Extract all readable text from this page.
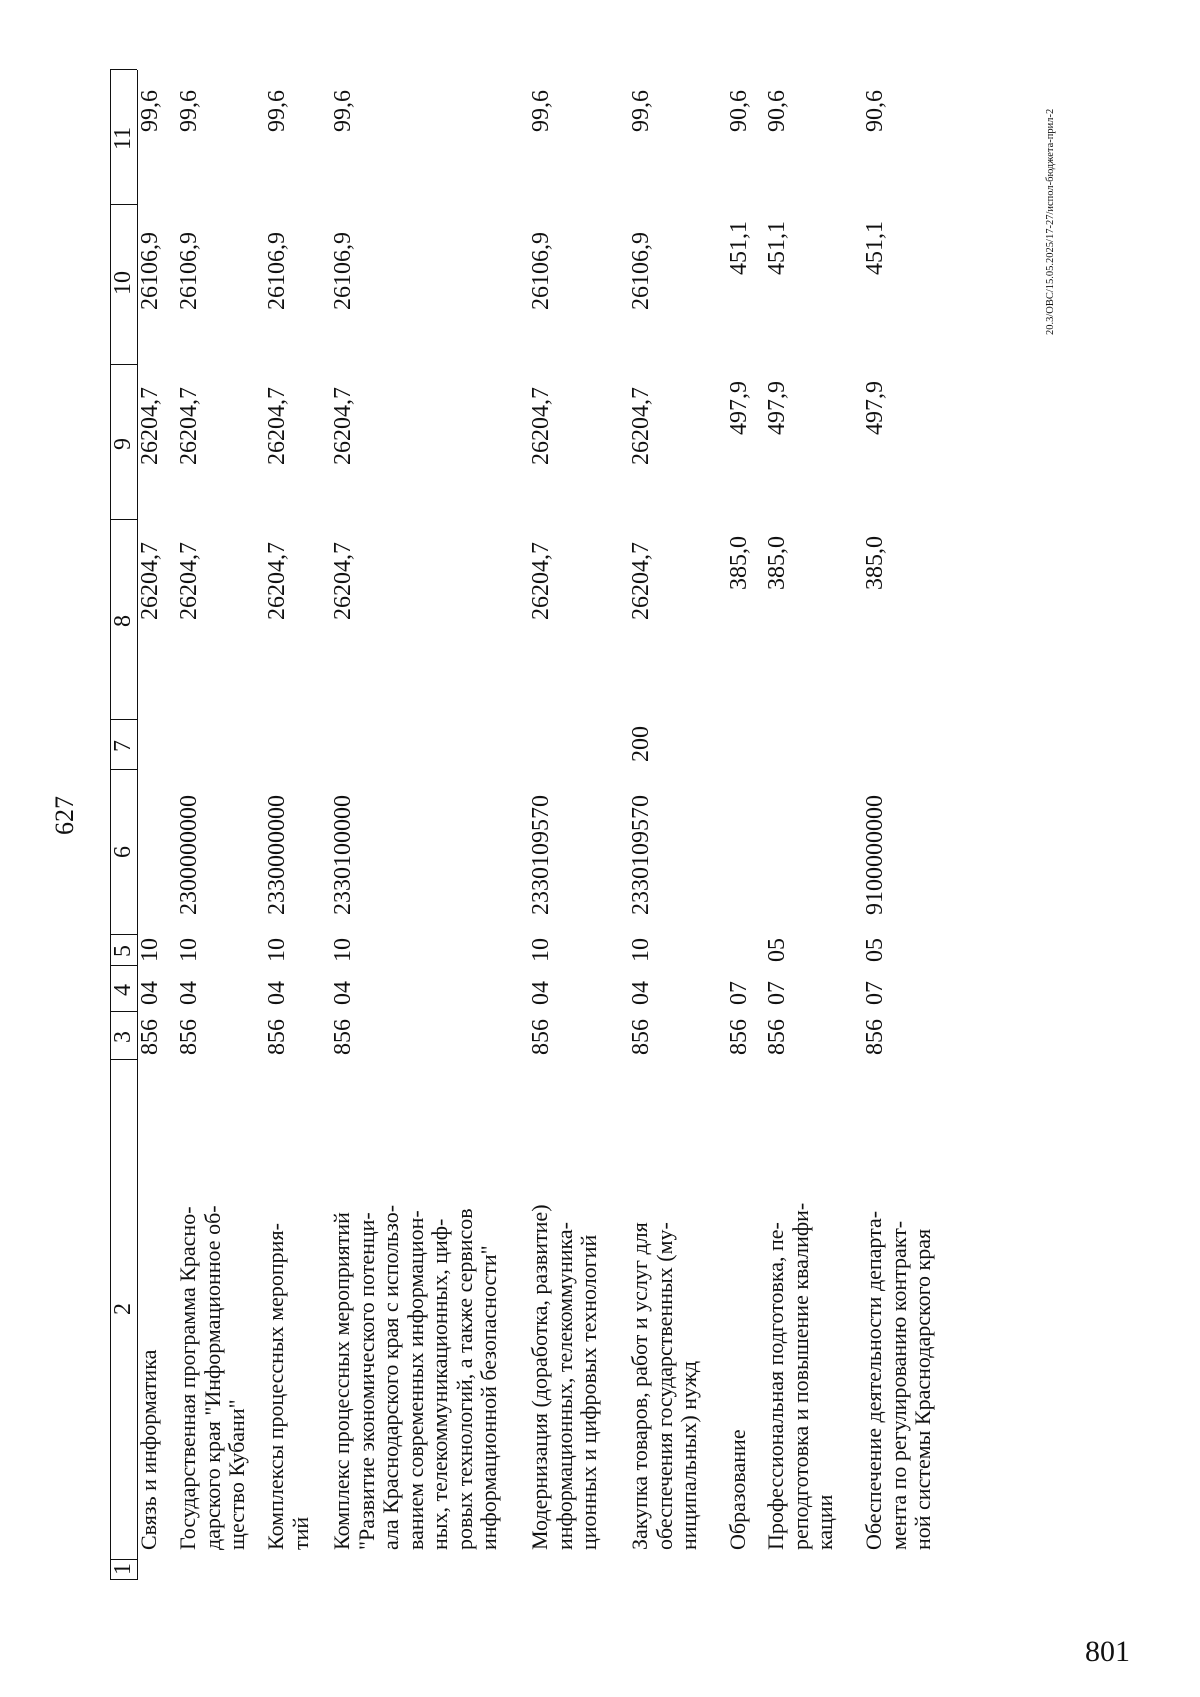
627
1
2
3
4
5
6
7
8
9
10
11
Связь и информатика
856
04
10
26204,7
26204,7
26106,9
99,6
Государственная программа Красно- дарского края "Информационное об- щество Кубани"
856
04
10
2300000000
26204,7
26204,7
26106,9
99,6
Комплексы процессных мероприя- тий
856
04
10
2330000000
26204,7
26204,7
26106,9
99,6
Комплекс процессных мероприятий "Развитие экономического потенци- ала Краснодарского края с использо- ванием современных информацион- ных, телекоммуникационных, циф- ровых технологий, а также сервисов информационной безопасности"
856
04
10
2330100000
26204,7
26204,7
26106,9
99,6
Модернизация (доработка, развитие) информационных, телекоммуника- ционных и цифровых технологий
856
04
10
2330109570
26204,7
26204,7
26106,9
99,6
Закупка товаров, работ и услуг для обеспечения государственных (му- ниципальных) нужд
856
04
10
2330109570
200
26204,7
26204,7
26106,9
99,6
Образование
856
07
385,0
497,9
451,1
90,6
Профессиональная подготовка, пе- реподготовка и повышение квалифи- кации
856
07
05
385,0
497,9
451,1
90,6
Обеспечение деятельности департа- мента по регулированию контракт- ной системы Краснодарского края
856
07
05
9100000000
385,0
497,9
451,1
90,6	20.3/ОВС/15.05.2025/17-27/испол-бюджета-прил-2
801
